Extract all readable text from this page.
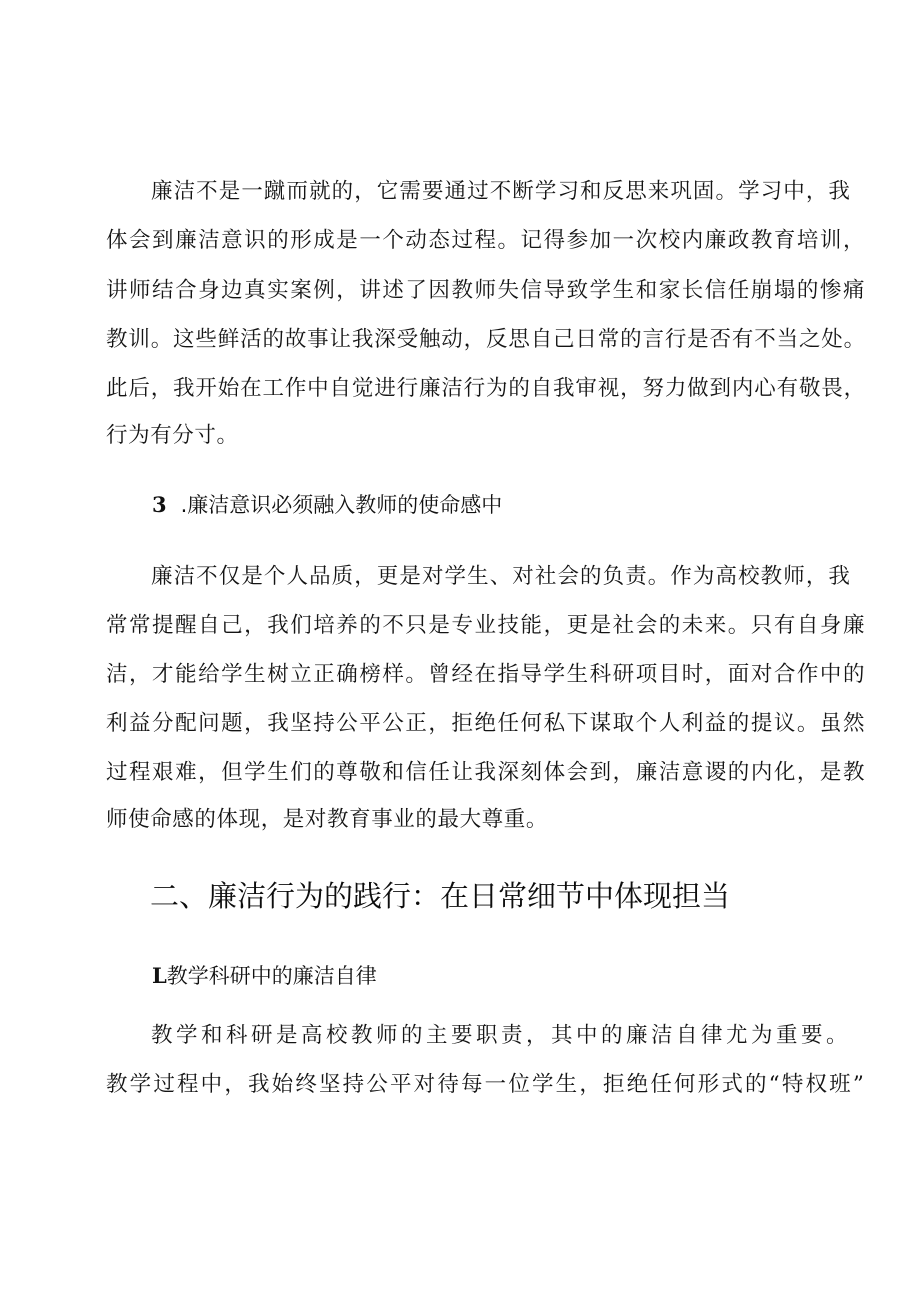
廉洁不是一蹴而就的，它需要通过不断学习和反思来巩固。学习中，我

体会到廉洁意识的形成是一个动态过程。记得参加一次校内廉政教育培训，

讲师结合身边真实案例，讲述了因教师失信导致学生和家长信任崩塌的惨痛

教训。这些鲜活的故事让我深受触动，反思自己日常的言行是否有不当之处。

此后，我开始在工作中自觉进行廉洁行为的自我审视，努力做到内心有敬畏，

行为有分寸。

3 .廉洁意识必须融入教师的使命感中

廉洁不仅是个人品质，更是对学生、对社会的负责。作为高校教师，我

常常提醒自己，我们培养的不只是专业技能，更是社会的未来。只有自身廉

洁，才能给学生树立正确榜样。曾经在指导学生科研项目时，面对合作中的

利益分配问题，我坚持公平公正，拒绝任何私下谋取个人利益的提议。虽然

过程艰难，但学生们的尊敬和信任让我深刻体会到，廉洁意谡的内化，是教

师使命感的体现，是对教育事业的最大尊重。

二、廉洁行为的践行：在日常细节中体现担当
L教学科研中的廉洁自律

教学和科研是高校教师的主要职责，其中的廉洁自律尤为重要。

教学过程中，我始终坚持公平对待每一位学生，拒绝任何形式的“特权班”
